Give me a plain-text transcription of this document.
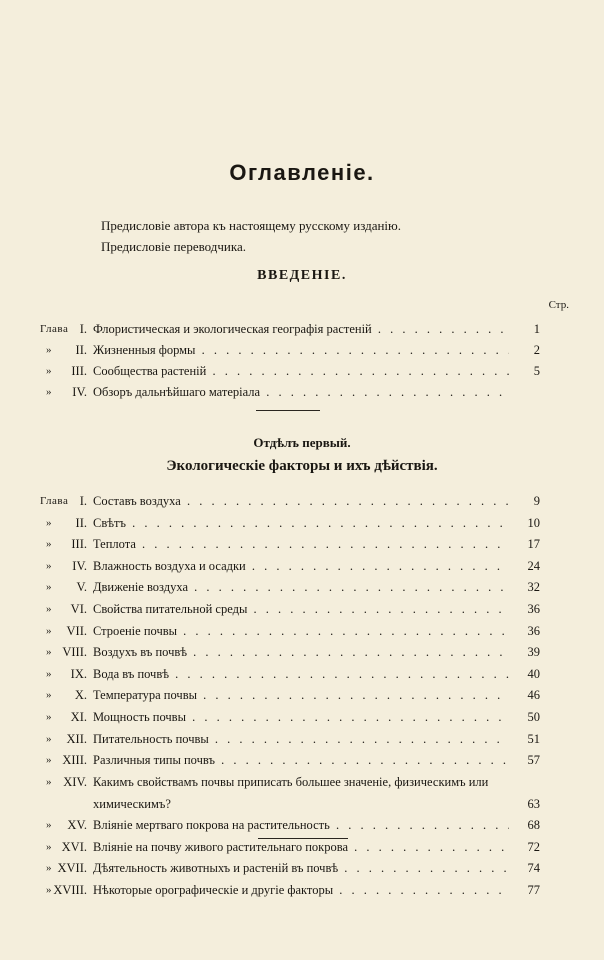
Оглавленіе.
Предисловіе автора къ настоящему русскому изданію.
Предисловіе переводчика.
ВВЕДЕНІЕ.
Стр.
Глава I. Флористическая и экологическая географія растеній . . .	1
»	II. Жизненныя формы . . .	2
»	III. Сообщества растеній . . .	5
»	IV. Обзоръ дальнѣйшаго матеріала . . .
Отдѣлъ первый.
Экологическіе факторы и ихъ дѣйствія.
Глава I. Составъ воздуха . . .	9
»	II. Свѣтъ . . .	10
»	III. Теплота . . .	17
»	IV. Влажность воздуха и осадки . . .	24
»	V. Движеніе воздуха . . .	32
»	VI. Свойства питательной среды . . .	36
»	VII. Строеніе почвы . . .	36
» VIII. Воздухъ въ почвѣ . . .	39
»	IX. Вода въ почвѣ . . .	40
»	X. Температура почвы . . .	46
»	XI. Мощность почвы . . .	50
»	XII. Питательность почвы . . .	51
» XIII. Различныя типы почвъ . . .	57
» XIV. Какимъ свойствамъ почвы приписать большее значеніе, физическимъ или
химическимъ?	63
»	XV. Вліяніе мертваго покрова на растительность . . .	68
» XVI. Вліяніе на почву живого растительнаго покрова . . .	72
» XVII. Дѣятельность животныхъ и растеній въ почвѣ . . .	74
» XVIII. Нѣкоторые орографическіе и другіе факторы . . .	77
